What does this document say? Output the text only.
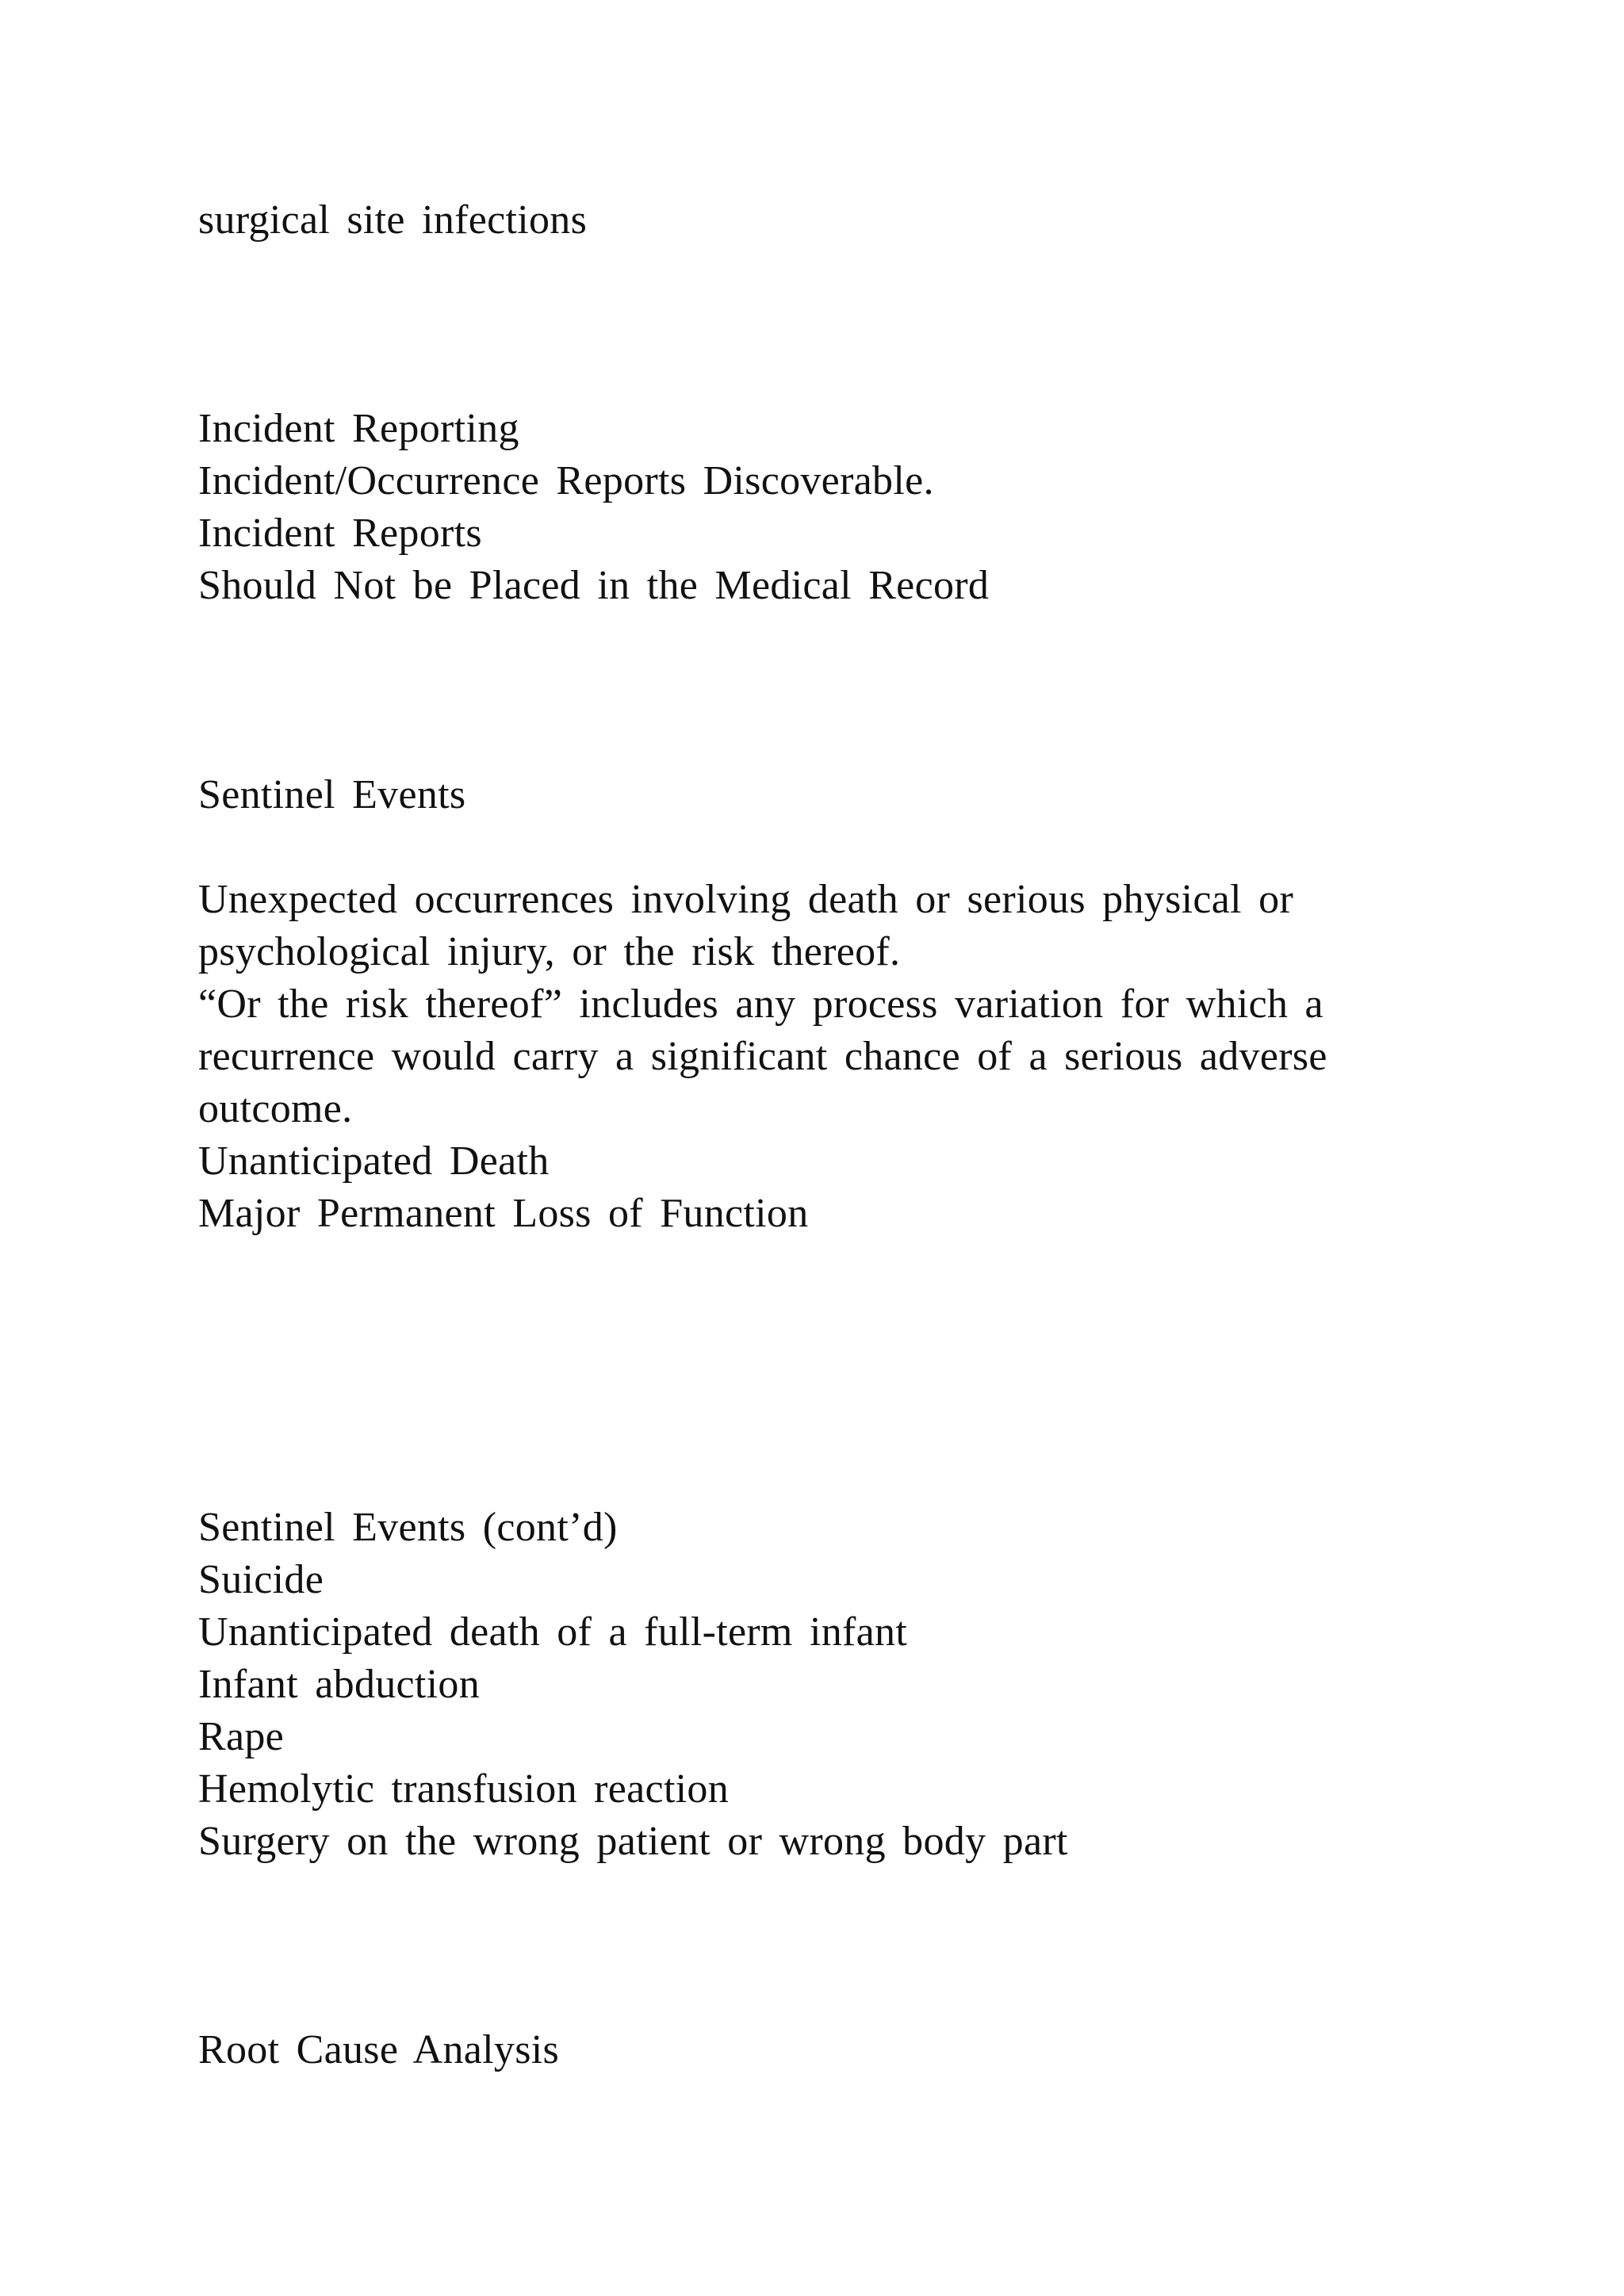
surgical site infections

Incident Reporting

Incident/Occurrence Reports Discoverable.

Incident Reports

Should Not be Placed in the Medical Record

Sentinel Events

Unexpected occurrences involving death or serious physical or

psychological injury, or the risk thereof.

“Or the risk thereof” includes any process variation for which a

recurrence would carry a significant chance of a serious adverse

outcome.

Unanticipated Death

Major Permanent Loss of Function

Sentinel Events (cont’d)

Suicide

Unanticipated death of a full-term infant

Infant abduction

Rape

Hemolytic transfusion reaction

Surgery on the wrong patient or wrong body part

Root Cause Analysis
